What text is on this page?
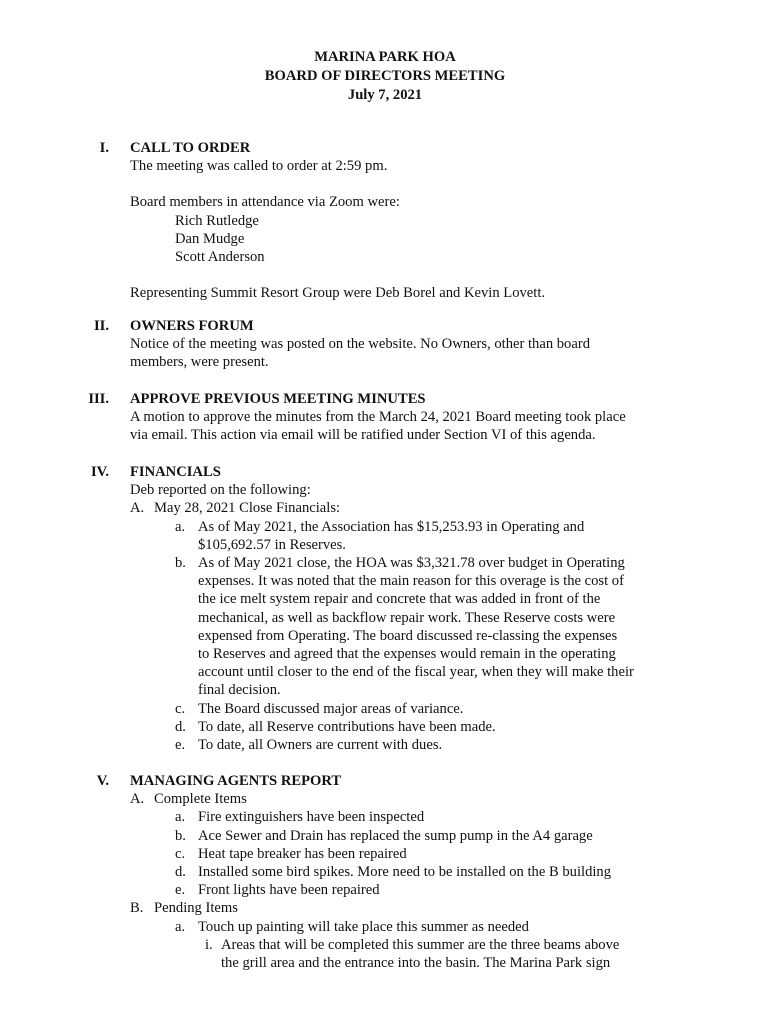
MARINA PARK HOA
BOARD OF DIRECTORS MEETING
July 7, 2021
I. CALL TO ORDER
The meeting was called to order at 2:59 pm.
Board members in attendance via Zoom were:
Rich Rutledge
Dan Mudge
Scott Anderson
Representing Summit Resort Group were Deb Borel and Kevin Lovett.
II. OWNERS FORUM
Notice of the meeting was posted on the website. No Owners, other than board
members, were present.
III. APPROVE PREVIOUS MEETING MINUTES
A motion to approve the minutes from the March 24, 2021 Board meeting took place
via email. This action via email will be ratified under Section VI of this agenda.
IV. FINANCIALS
Deb reported on the following:
A. May 28, 2021 Close Financials:
a. As of May 2021, the Association has $15,253.93 in Operating and
$105,692.57 in Reserves.
b. As of May 2021 close, the HOA was $3,321.78 over budget in Operating
expenses. It was noted that the main reason for this overage is the cost of
the ice melt system repair and concrete that was added in front of the
mechanical, as well as backflow repair work. These Reserve costs were
expensed from Operating. The board discussed re-classing the expenses
to Reserves and agreed that the expenses would remain in the operating
account until closer to the end of the fiscal year, when they will make their
final decision.
c. The Board discussed major areas of variance.
d. To date, all Reserve contributions have been made.
e. To date, all Owners are current with dues.
V. MANAGING AGENTS REPORT
A. Complete Items
a. Fire extinguishers have been inspected
b. Ace Sewer and Drain has replaced the sump pump in the A4 garage
c. Heat tape breaker has been repaired
d. Installed some bird spikes. More need to be installed on the B building
e. Front lights have been repaired
B. Pending Items
a. Touch up painting will take place this summer as needed
i. Areas that will be completed this summer are the three beams above
the grill area and the entrance into the basin. The Marina Park sign
